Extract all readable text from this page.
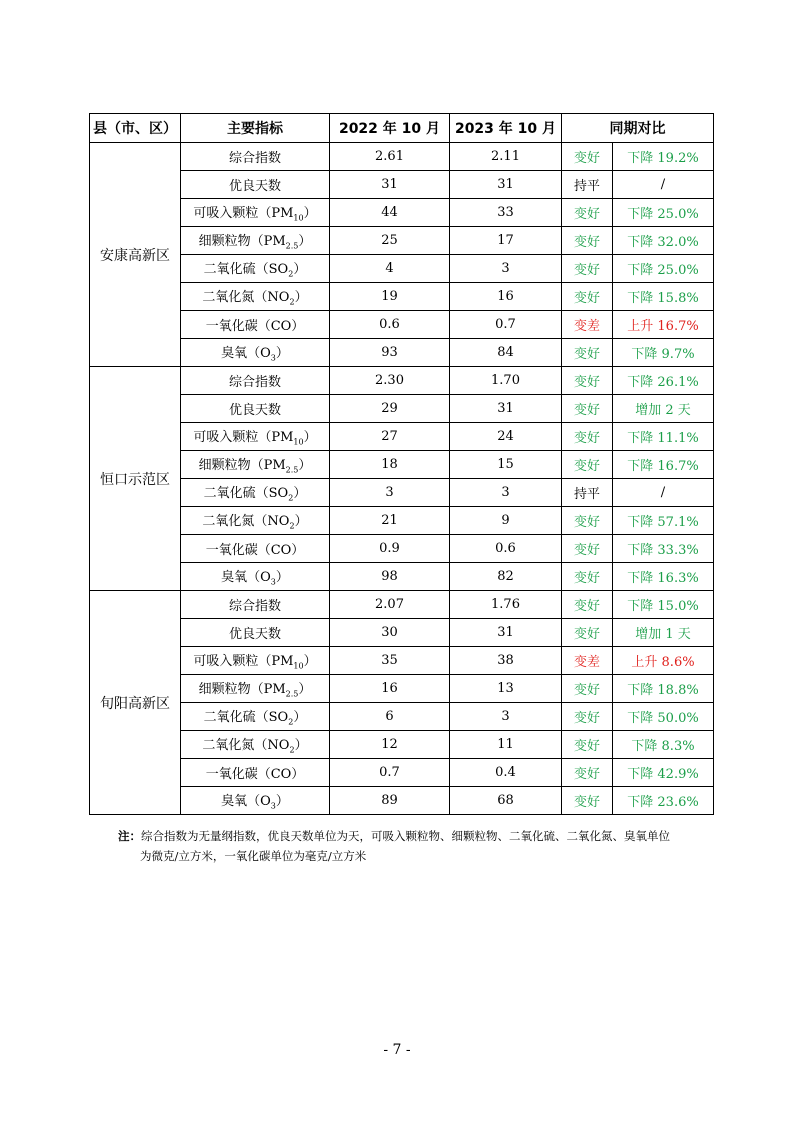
县（市、区）	主要指标	2022 年 10 月	2023 年 10 月	同期对比	
安康高新区	综合指数	2.61	2.11	变好	下降 19.2%
	优良天数	31	31	持平	/
	可吸入颗粒$(PM_{10})$	44	33	变好	下降 25.0%
	细颗粒物$(PM_{2.5})$	25	17	变好	下降 32.0%
	二氧化硫$(SO_2)$	4	3	变好	下降 25.0%
	二氧化氮$(NO_2)$	19	16	变好	下降 15.8%
	一氧化碳（CO）	0.6	0.7	变差	上升 16.7%
	臭氧$(O_3)$	93	84	变好	下降 9.7%
恒口示范区	综合指数	2.30	1.70	变好	下降 26.1%
	优良天数	29	31	变好	增加 2 天
	可吸入颗粒$(PM_{10})$	27	24	变好	下降 11.1%
	细颗粒物$(PM_{2.5})$	18	15	变好	下降 16.7%
	二氧化硫$(SO_2)$	3	3	持平	/
	二氧化氮$(NO_2)$	21	9	变好	下降 57.1%
	一氧化碳（CO）	0.9	0.6	变好	下降 33.3%
	臭氧$(O_3)$	98	82	变好	下降 16.3%
旬阳高新区	综合指数	2.07	1.76	变好	下降 15.0%
	优良天数	30	31	变好	增加 1 天
	可吸入颗粒$(PM_{10})$	35	38	变差	上升 8.6%
	细颗粒物$(PM_{2.5})$	16	13	变好	下降 18.8%
	二氧化硫$(SO_2)$	6	3	变好	下降 50.0%
	二氧化氮$(NO_2)$	12	11	变好	下降 8.3%
	一氧化碳（CO）	0.7	0.4	变好	下降 42.9%
	臭氧$(O_3)$	89	68	变好	下降 23.6%
注：综合指数为无量纲指数，优良天数单位为天，可吸入颗粒物、细颗粒物、二氧化硫、二氧化氮、臭氧单位
为微克/立方米，一氧化碳单位为毫克/立方米
- 7 -
